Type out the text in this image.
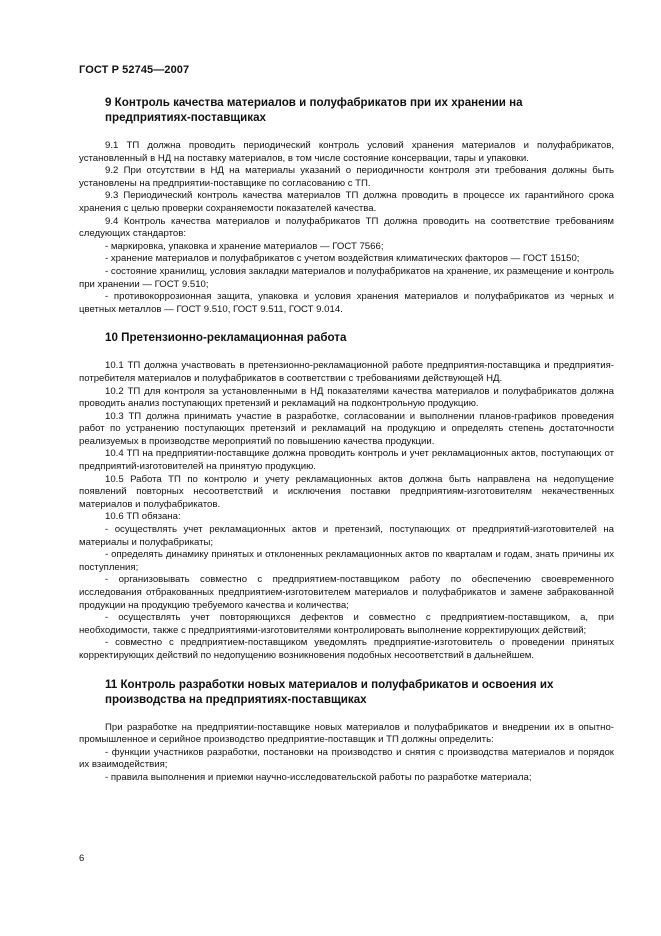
ГОСТ Р 52745—2007
9 Контроль качества материалов и полуфабрикатов при их хранении на предприятиях-поставщиках

9.1 ТП должна проводить периодический контроль условий хранения материалов и полуфабрикатов, установленный в НД на поставку материалов, в том числе состояние консервации, тары и упаковки.

9.2 При отсутствии в НД на материалы указаний о периодичности контроля эти требования должны быть установлены на предприятии-поставщике по согласованию с ТП.

9.3 Периодический контроль качества материалов ТП должна проводить в процессе их гарантийного срока хранения с целью проверки сохраняемости показателей качества.

9.4 Контроль качества материалов и полуфабрикатов ТП должна проводить на соответствие требованиям следующих стандартов:

- маркировка, упаковка и хранение материалов — ГОСТ 7566;

- хранение материалов и полуфабрикатов с учетом воздействия климатических факторов — ГОСТ 15150;

- состояние хранилищ, условия закладки материалов и полуфабрикатов на хранение, их размещение и контроль при хранении — ГОСТ 9.510;

- противокоррозионная защита, упаковка и условия хранения материалов и полуфабрикатов из черных и цветных металлов — ГОСТ 9.510, ГОСТ 9.511, ГОСТ 9.014.

10 Претензионно-рекламационная работа

10.1 ТП должна участвовать в претензионно-рекламационной работе предприятия-поставщика и предприятия-потребителя материалов и полуфабрикатов в соответствии с требованиями действующей НД.

10.2 ТП для контроля за установленными в НД показателями качества материалов и полуфабрикатов должна проводить анализ поступающих претензий и рекламаций на подконтрольную продукцию.

10.3 ТП должна принимать участие в разработке, согласовании и выполнении планов-графиков проведения работ по устранению поступающих претензий и рекламаций на продукцию и определять степень достаточности реализуемых в производстве мероприятий по повышению качества продукции.

10.4 ТП на предприятии-поставщике должна проводить контроль и учет рекламационных актов, поступающих от предприятий-изготовителей на принятую продукцию.

10.5 Работа ТП по контролю и учету рекламационных актов должна быть направлена на недопущение появлений повторных несоответствий и исключения поставки предприятиям-изготовителям некачественных материалов и полуфабрикатов.

10.6 ТП обязана:

- осуществлять учет рекламационных актов и претензий, поступающих от предприятий-изготовителей на материалы и полуфабрикаты;

- определять динамику принятых и отклоненных рекламационных актов по кварталам и годам, знать причины их поступления;

- организовывать совместно с предприятием-поставщиком работу по обеспечению своевременного исследования отбракованных предприятием-изготовителем материалов и полуфабрикатов и замене забракованной продукции на продукцию требуемого качества и количества;

- осуществлять учет повторяющихся дефектов и совместно с предприятием-поставщиком, а, при необходимости, также с предприятиями-изготовителями контролировать выполнение корректирующих действий;

- совместно с предприятием-поставщиком уведомлять предприятие-изготовитель о проведении принятых корректирующих действий по недопущению возникновения подобных несоответствий в дальнейшем.

11 Контроль разработки новых материалов и полуфабрикатов и освоения их производства на предприятиях-поставщиках

При разработке на предприятии-поставщике новых материалов и полуфабрикатов и внедрении их в опытно-промышленное и серийное производство предприятие-поставщик и ТП должны определить:

- функции участников разработки, постановки на производство и снятия с производства материалов и порядок их взаимодействия;

- правила выполнения и приемки научно-исследовательской работы по разработке материала;

6
